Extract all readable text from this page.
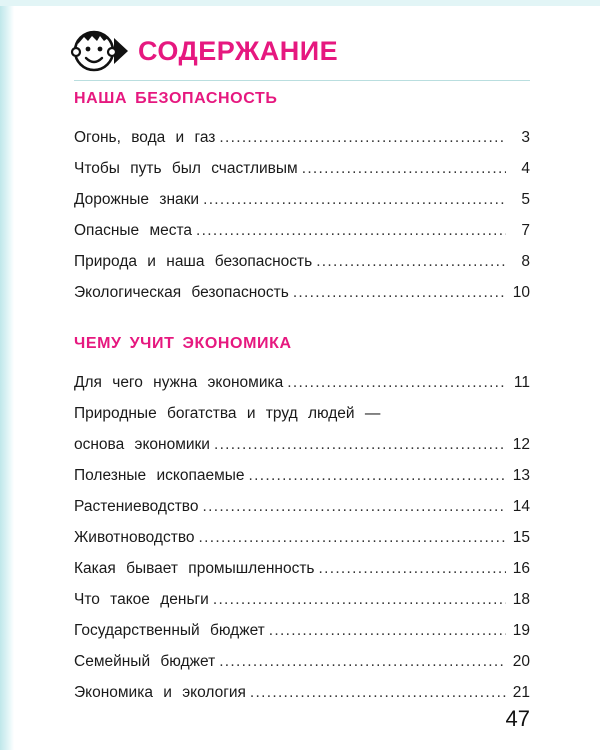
СОДЕРЖАНИЕ

НАША БЕЗОПАСНОСТЬ

Огонь, вода и газ .....	3
Чтобы путь был счастливым .....	4
Дорожные знаки .....	5
Опасные места .....	7
Природа и наша безопасность .....	8
Экологическая безопасность .....	10

ЧЕМУ УЧИТ ЭКОНОМИКА

Для чего нужна экономика .....	11
Природные богатства и труд людей —
основа экономики .....	12
Полезные ископаемые .....	13
Растениеводство .....	14
Животноводство .....	15
Какая бывает промышленность .....	16
Что такое деньги .....	18
Государственный бюджет .....	19
Семейный бюджет .....	20
Экономика и экология .....	21
47
